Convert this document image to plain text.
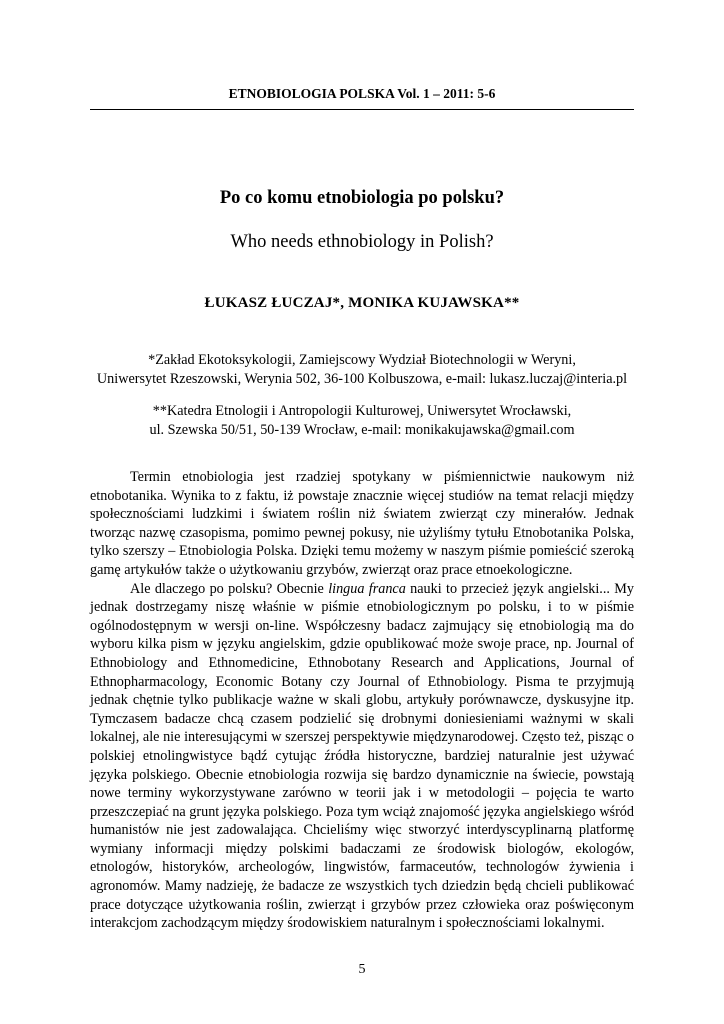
ETNOBIOLOGIA POLSKA Vol. 1 – 2011: 5-6
Po co komu etnobiologia po polsku?
Who needs ethnobiology in Polish?
ŁUKASZ ŁUCZAJ*, MONIKA KUJAWSKA**

*Zakład Ekotoksykologii, Zamiejscowy Wydział Biotechnologii w Weryni,

Uniwersytet Rzeszowski, Werynia 502, 36-100 Kolbuszowa, e-mail: lukasz.luczaj@interia.pl

**Katedra Etnologii i Antropologii Kulturowej, Uniwersytet Wrocławski,

ul. Szewska 50/51, 50-139 Wrocław, e-mail: monikakujawska@gmail.com

Termin etnobiologia jest rzadziej spotykany w piśmiennictwie naukowym niż etnobotanika. Wynika to z faktu, iż powstaje znacznie więcej studiów na temat relacji między społecznościami ludzkimi i światem roślin niż światem zwierząt czy minerałów. Jednak tworząc nazwę czasopisma, pomimo pewnej pokusy, nie użyliśmy tytułu Etnobotanika Polska, tylko szerszy – Etnobiologia Polska. Dzięki temu możemy w naszym piśmie pomieścić szeroką gamę artykułów także o użytkowaniu grzybów, zwierząt oraz prace etnoekologiczne.

Ale dlaczego po polsku? Obecnie lingua franca nauki to przecież język angielski... My jednak dostrzegamy niszę właśnie w piśmie etnobiologicznym po polsku, i to w piśmie ogólnodostępnym w wersji on-line. Współczesny badacz zajmujący się etnobiologią ma do wyboru kilka pism w języku angielskim, gdzie opublikować może swoje prace, np. Journal of Ethnobiology and Ethnomedicine, Ethnobotany Research and Applications, Journal of Ethnopharmacology, Economic Botany czy Journal of Ethnobiology. Pisma te przyjmują jednak chętnie tylko publikacje ważne w skali globu, artykuły porównawcze, dyskusyjne itp. Tymczasem badacze chcą czasem podzielić się drobnymi doniesieniami ważnymi w skali lokalnej, ale nie interesującymi w szerszej perspektywie międzynarodowej. Często też, pisząc o polskiej etnolingwistyce bądź cytując źródła historyczne, bardziej naturalnie jest używać języka polskiego. Obecnie etnobiologia rozwija się bardzo dynamicznie na świecie, powstają nowe terminy wykorzystywane zarówno w teorii jak i w metodologii – pojęcia te warto przeszczepiać na grunt języka polskiego. Poza tym wciąż znajomość języka angielskiego wśród humanistów nie jest zadowalająca. Chcieliśmy więc stworzyć interdyscyplinarną platformę wymiany informacji między polskimi badaczami ze środowisk biologów, ekologów, etnologów, historyków, archeologów, lingwistów, farmaceutów, technologów żywienia i agronomów. Mamy nadzieję, że badacze ze wszystkich tych dziedzin będą chcieli publikować prace dotyczące użytkowania roślin, zwierząt i grzybów przez człowieka oraz poświęconym interakcjom zachodzącym między środowiskiem naturalnym i społecznościami lokalnymi.

5
